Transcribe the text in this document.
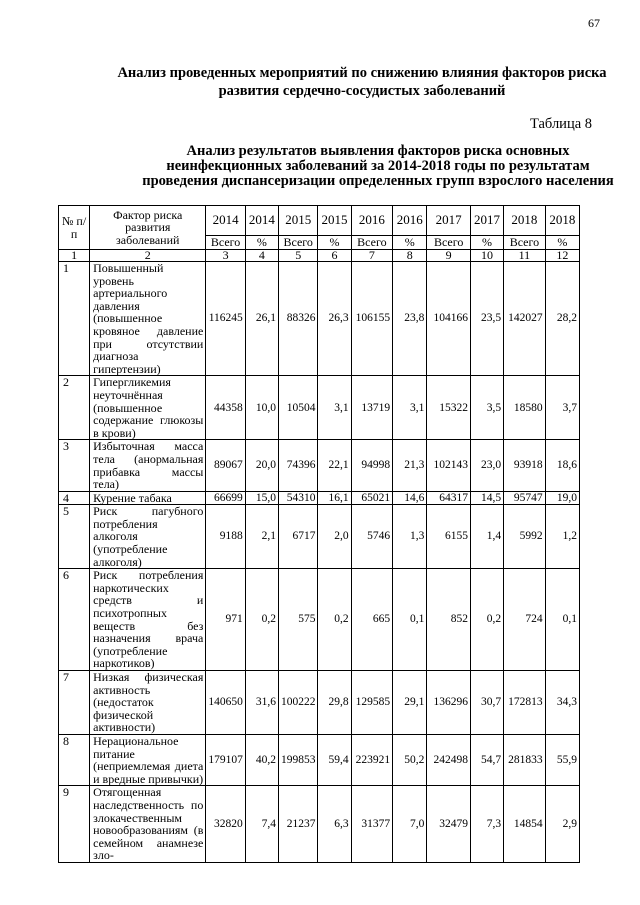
67
Анализ проведенных мероприятий по снижению влияния факторов риска развития сердечно-сосудистых заболеваний
Таблица 8
Анализ результатов выявления факторов риска основных неинфекционных заболеваний за 2014-2018 годы по результатам проведения диспансеризации определенных групп взрослого населения
№ п/п	Фактор риска развития заболеваний	2014	2014	2015	2015	2016	2016	2017	2017	2018	2018
		Всего	%	Всего	%	Всего	%	Всего	%	Всего	%
1	2	3	4	5	6	7	8	9	10	11	12
1	Повышенный уровень артериального давления (повышенное кровяное давление при отсутствии диагноза гипертензии)	116245	26,1	88326	26,3	106155	23,8	104166	23,5	142027	28,2
2	Гипергликемия неуточнённая (повышенное содержание глюкозы в крови)	44358	10,0	10504	3,1	13719	3,1	15322	3,5	18580	3,7
3	Избыточная масса тела (анормальная прибавка массы тела)	89067	20,0	74396	22,1	94998	21,3	102143	23,0	93918	18,6
4	Курение табака	66699	15,0	54310	16,1	65021	14,6	64317	14,5	95747	19,0
5	Риск пагубного потребления алкоголя (употребление алкоголя)	9188	2,1	6717	2,0	5746	1,3	6155	1,4	5992	1,2
6	Риск потребления наркотических средств и психотропных веществ без назначения врача (употребление наркотиков)	971	0,2	575	0,2	665	0,1	852	0,2	724	0,1
7	Низкая физическая активность (недостаток физической активности)	140650	31,6	100222	29,8	129585	29,1	136296	30,7	172813	34,3
8	Нерациональное питание (неприемлемая диета и вредные привычки)	179107	40,2	199853	59,4	223921	50,2	242498	54,7	281833	55,9
9	Отягощенная наследственность по злокачественным новообразованиям (в семейном анамнезе зло-	32820	7,4	21237	6,3	31377	7,0	32479	7,3	14854	2,9
